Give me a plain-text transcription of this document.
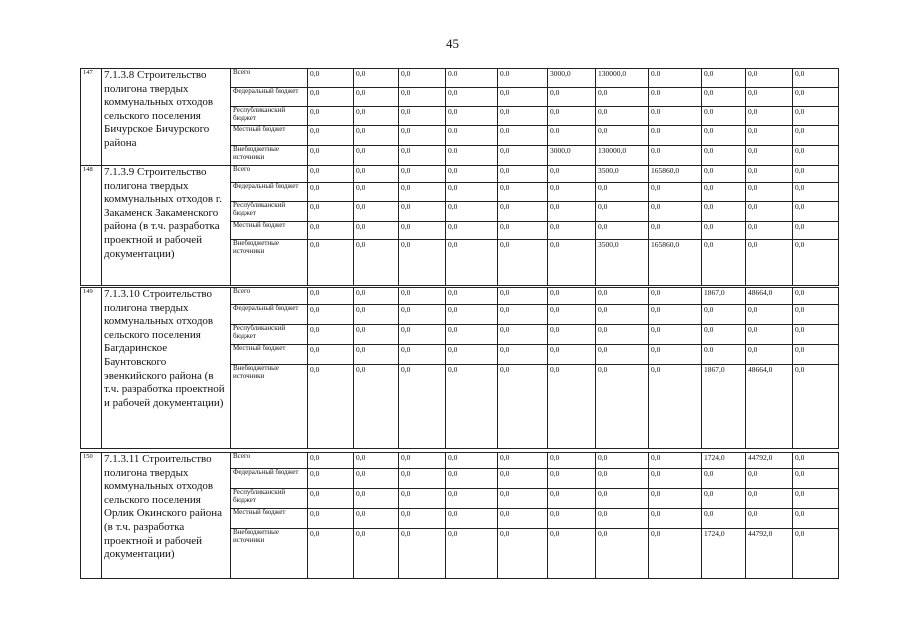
45
147	7.1.3.8 Строительство полигона твердых коммунальных отходов сельского поселения Бичурское Бичурского района	Всего	0,0	0,0	0,0	0.0	0.0	3000,0	130000,0	0.0	0,0	0,0	0,0
		Федеральный бюджет	0,0	0,0	0,0	0,0	0,0	0,0	0,0	0.0	0,0	0,0	0,0
		Республиканский бюджет	0,0	0,0	0,0	0,0	0,0	0,0	0,0	0.0	0.0	0,0	0,0
		Местный бюджет	0,0	0,0	0,0	0.0	0.0	0.0	0,0	0.0	0,0	0,0	0,0
		Внебюджетные источники	0,0	0,0	0,0	0.0	0,0	3000,0	130000,0	0.0	0,0	0,0	0,0
148	7.1.3.9 Строительство полигона твердых коммунальных отходов г. Закаменск Закаменского района (в т.ч. разработка проектной и рабочей документации)	Всего	0,0	0,0	0,0	0,0	0,0	0,0	3500,0	165860,0	0,0	0,0	0,0
		Федеральный бюджет	0,0	0,0	0,0	0,0	0,0	0,0	0,0	0,0	0,0	0,0	0,0
		Республиканский бюджет	0,0	0,0	0,0	0,0	0,0	0,0	0,0	0,0	0,0	0,0	0,0
		Местный бюджет	0,0	0,0	0,0	0,0	0,0	0,0	0,0	0,0	0,0	0,0	0,0
		Внебюджетные источники	0,0	0,0	0,0	0,0	0,0	0,0	3500,0	165860,0	0,0	0,0	0,0
149	7.1.3.10 Строительство полигона твердых коммунальных отходов сельского поселения Багдаринское Баунтовского эвенкийского района (в т.ч. разработка проектной и рабочей документации)	Всего	0,0	0,0	0,0	0,0	0,0	0,0	0,0	0,0	1867,0	48664,0	0,0
		Федеральный бюджет	0,0	0,0	0,0	0,0	0,0	0,0	0,0	0,0	0,0	0,0	0,0
		Республиканский бюджет	0,0	0,0	0,0	0,0	0,0	0,0	0,0	0,0	0,0	0,0	0,0
		Местный бюджет	0,0	0,0	0,0	0,0	0,0	0,0	0,0	0,0	0.0	0,0	0,0
		Внебюджетные источники	0,0	0,0	0,0	0,0	0,0	0,0	0,0	0,0	1867,0	48664,0	0,0
150	7.1.3.11 Строительство полигона твердых коммунальных отходов сельского поселения Орлик Окинского района (в т.ч. разработка проектной и рабочей документации)	Всего	0,0	0,0	0,0	0,0	0,0	0,0	0,0	0,0	1724,0	44792,0	0,0
		Федеральный бюджет	0,0	0,0	0,0	0,0	0,0	0,0	0,0	0,0	0,0	0,0	0,0
		Республиканский бюджет	0,0	0,0	0,0	0,0	0,0	0,0	0,0	0,0	0,0	0,0	0,0
		Местный бюджет	0,0	0,0	0,0	0,0	0,0	0,0	0,0	0,0	0,0	0,0	0,0
		Внебюджетные источники	0,0	0,0	0,0	0,0	0,0	0,0	0,0	0,0	1724,0	44792,0	0,0
